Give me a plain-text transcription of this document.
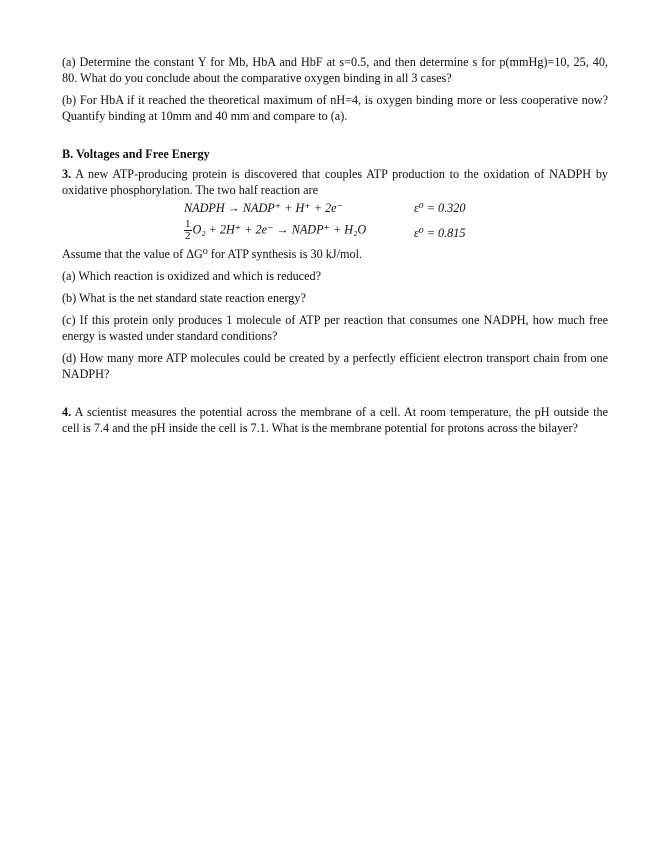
(a) Determine the constant Y for Mb, HbA and HbF at s=0.5, and then determine s for p(mmHg)=10, 25, 40, 80. What do you conclude about the comparative oxygen binding in all 3 cases?

(b) For HbA if it reached the theoretical maximum of nH=4, is oxygen binding more or less cooperative now? Quantify binding at 10mm and 40 mm and compare to (a).

B. Voltages and Free Energy

3. A new ATP-producing protein is discovered that couples ATP production to the oxidation of NADPH by oxidative phosphorylation. The two half reaction are

NADPH → NADP⁺ + H⁺ + 2e⁻	ε⁰ = 0.320
$\frac{1}{2} O_2 + 2H^+ + 2e^-$ → NADP⁺ + H₂O	ε⁰ = 0.815

Assume that the value of ΔG⁰ for ATP synthesis is 30 kJ/mol.

(a) Which reaction is oxidized and which is reduced?

(b) What is the net standard state reaction energy?

(c) If this protein only produces 1 molecule of ATP per reaction that consumes one NADPH, how much free energy is wasted under standard conditions?

(d) How many more ATP molecules could be created by a perfectly efficient electron transport chain from one NADPH?

4. A scientist measures the potential across the membrane of a cell. At room temperature, the pH outside the cell is 7.4 and the pH inside the cell is 7.1. What is the membrane potential for protons across the bilayer?
